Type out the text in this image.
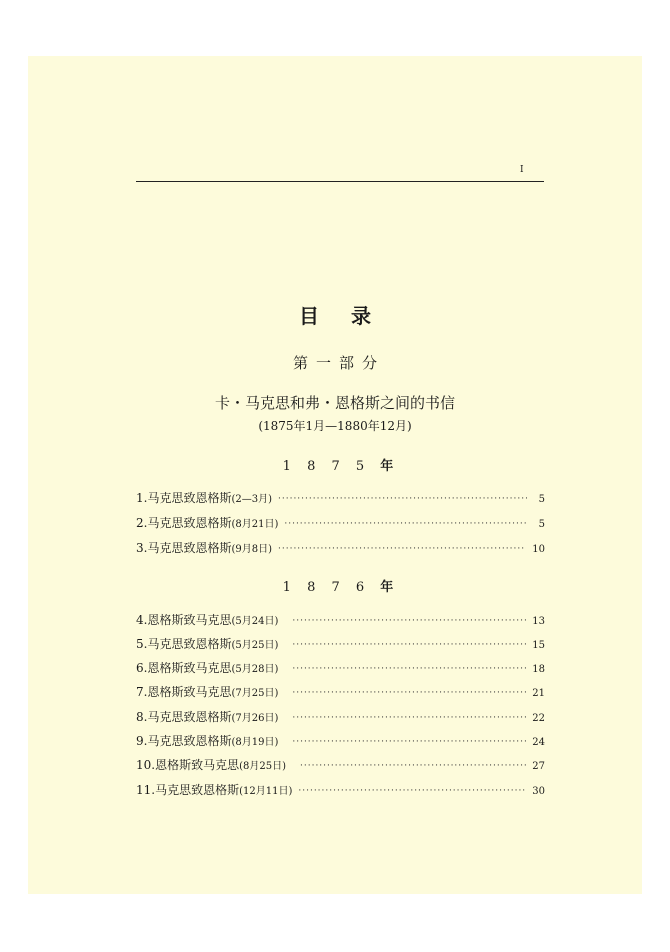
I
目录
第一部分
卡・马克思和弗・恩格斯之间的书信
(1875年1月—1880年12月)
1 8 7 5 年
1. 马克思致恩格斯 (2—3月) ·····	5
2. 马克思致恩格斯 (8月21日) ·····	5
3. 马克思致恩格斯 (9月8日) ·····	10
1 8 7 6 年
4. 恩格斯致马克思 (5月24日) ·····	13
5. 马克思致恩格斯 (5月25日) ·····	15
6. 恩格斯致马克思 (5月28日) ·····	18
7. 恩格斯致马克思 (7月25日) ·····	21
8. 马克思致恩格斯 (7月26日) ·····	22
9. 马克思致恩格斯 (8月19日) ·····	24
10. 恩格斯致马克思 (8月25日) ·····	27
11. 马克思致恩格斯 (12月11日) ·····	30
